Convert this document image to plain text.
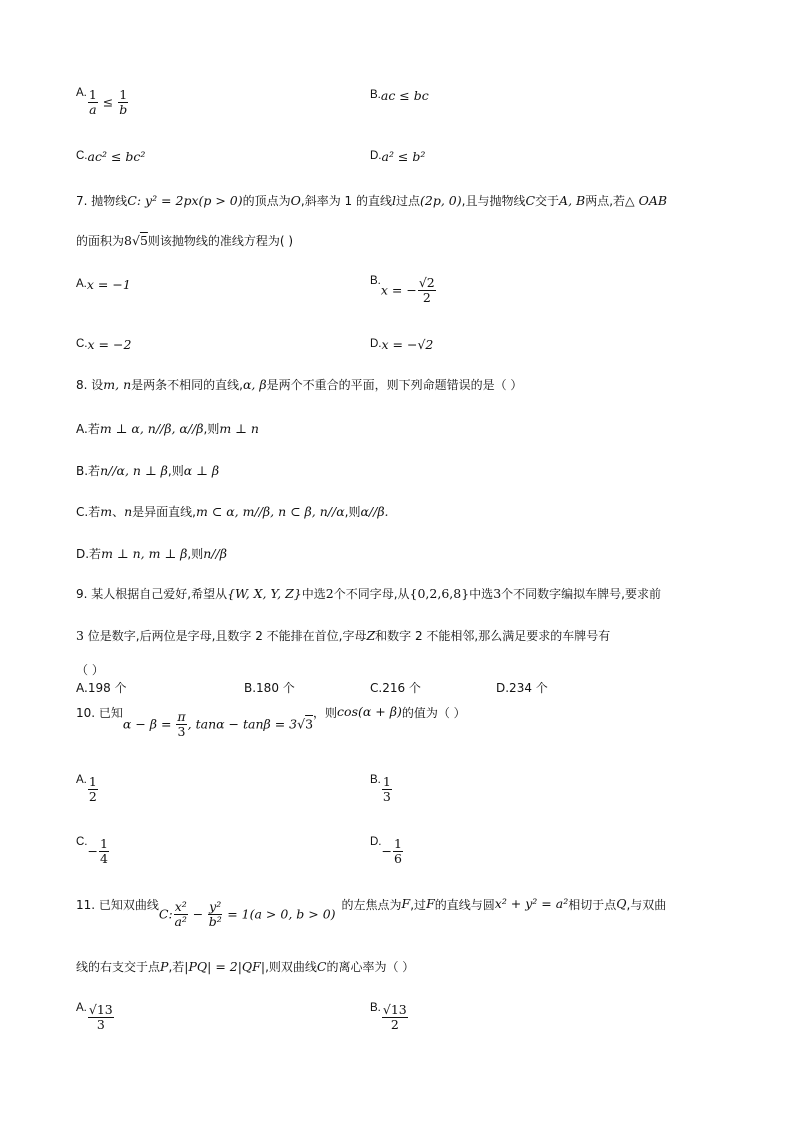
A. $\frac{1}{a} \le \frac{1}{b}$	B.ac ≤ bc
C.ac² ≤ bc²	D.a² ≤ b²
7. 抛物线C: y² = 2px(p > 0)的顶点为O,斜率为 1 的直线l过点(2p, 0),且与抛物线C交于A, B两点,若△ OAB
的面积为8√5则该抛物线的准线方程为( )
A.x = −1	B.x = − $\frac{√2}{2}$
C.x = −2	D.x = −√2
8. 设m, n是两条不相同的直线,α, β是两个不重合的平面，则下列命题错误的是（ ）
A.若m ⊥ α, n//β, α//β,则m ⊥ n
B.若n//α, n ⊥ β,则α ⊥ β
C.若m、n是异面直线,m ⊂ α, m//β, n ⊂ β, n//α,则α//β.
D.若m ⊥ n, m ⊥ β,则n//β
9. 某人根据自己爱好,希望从{W, X, Y, Z}中选2个不同字母,从{0,2,6,8}中选3个不同数字编拟车牌号,要求前
3 位是数字,后两位是字母,且数字 2 不能排在首位,字母Z和数字 2 不能相邻,那么满足要求的车牌号有
（ ）
A.198 个	B.180 个	C.216 个	D.234 个
10. 已知$\alpha - \beta = \frac{\pi}{3}$ , tanα − tanβ = 3√3，则cos(α + β)的值为（ ）
A. $\frac{1}{2}$	B. $\frac{1}{3}$
$C.- \frac{1}{4}$	$D.- \frac{1}{6}$
11. 已知双曲线C: $\frac{\text{x²}}{\text{a²}} - \frac{\text{y²}}{\text{b²}} = 1(a > 0$, b > 0)的左焦点为F,过F的直线与圆x² + y² = a²相切于点Q,与双曲
线的右支交于点P,若|PQ| = 2|QF|,则双曲线C的离心率为（ ）
A. $\frac{√13}{3}$	B. $\frac{√13}{2}$
